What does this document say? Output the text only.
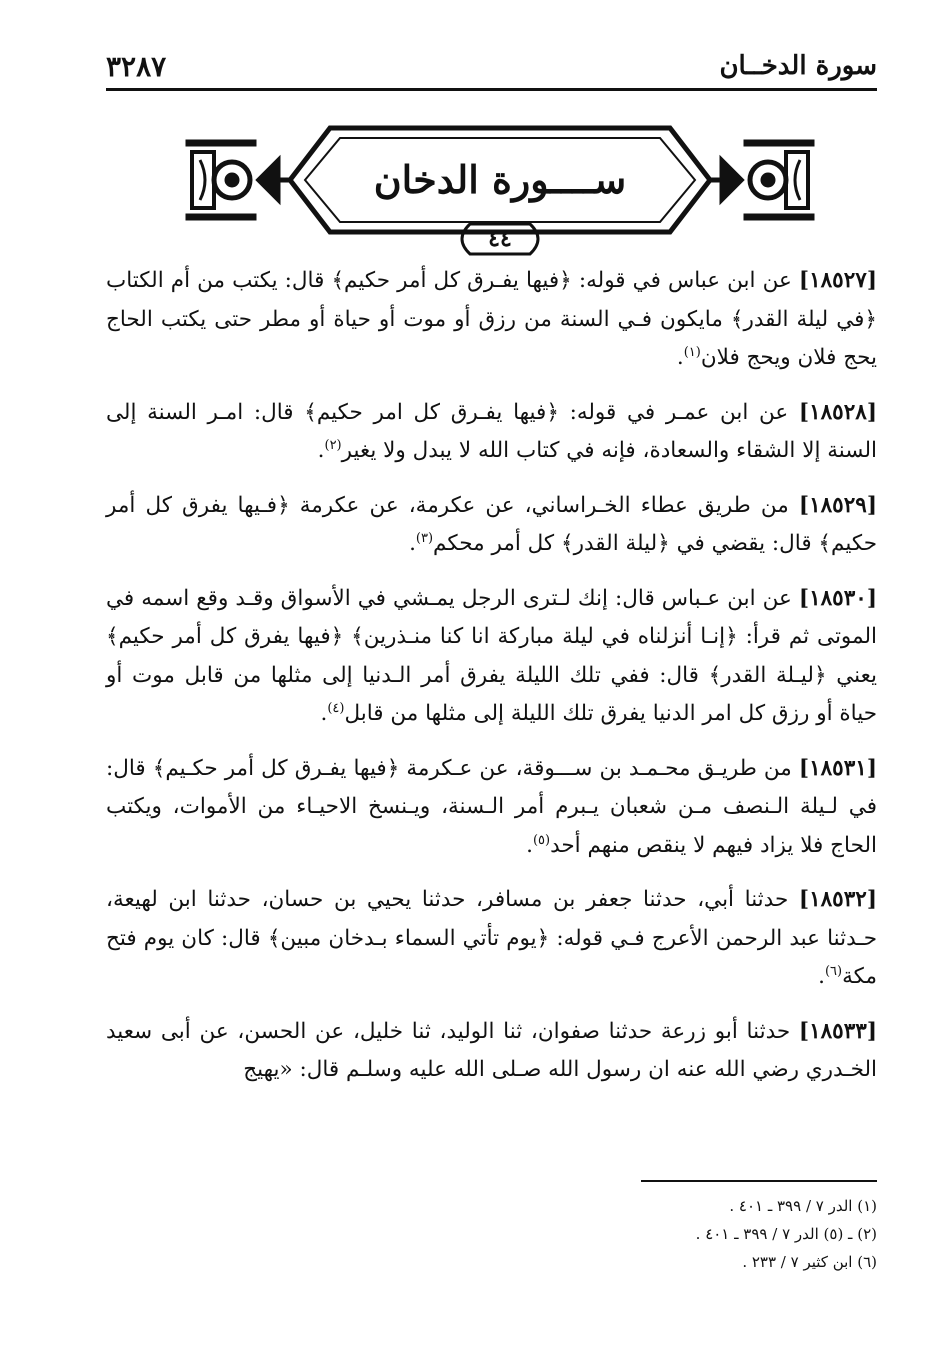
سورة الدخــان
٣٢٨٧
ســــورة الدخان
٤٤

[١٨٥٢٧] عن ابن عباس في قوله: ﴿فيها يفـرق كل أمر حكيم﴾ قال: يكتب من أم الكتاب ﴿في ليلة القدر﴾ مايكون فـي السنة من رزق أو موت أو حياة أو مطر حتى يكتب الحاج يحج فلان ويحج فلان$^{(١)}$.

[١٨٥٢٨] عن ابن عمـر في قوله: ﴿فيها يفـرق كل امر حكيم﴾ قال: امـر السنة إلى السنة إلا الشقاء والسعادة، فإنه في كتاب الله لا يبدل ولا يغير$^{(٢)}$.

[١٨٥٢٩] من طريق عطاء الخـراساني، عن عكرمة، عن عكرمة ﴿فـيها يفرق كل أمر حكيم﴾ قال: يقضي في ﴿ليلة القدر﴾ كل أمر محكم$^{(٣)}$.

[١٨٥٣٠] عن ابن عـباس قال: إنك لـترى الرجل يمـشي في الأسواق وقـد وقع اسمه في الموتى ثم قرأ: ﴿إنـا أنزلناه في ليلة مباركة انا كنا منـذرين﴾ ﴿فيها يفرق كل أمر حكيم﴾ يعني ﴿ليـلة القدر﴾ قال: ففي تلك الليلة يفرق أمر الـدنيا إلى مثلها من قابل موت أو حياة أو رزق كل امر الدنيا يفرق تلك الليلة إلى مثلها من قابل$^{(٤)}$.

[١٨٥٣١] من طريـق محـمـد بن ســـوقة، عن عـكرمة ﴿فيها يفـرق كل أمر حكـيم﴾ قال: في لـيلة الـنصف مـن شعبان يـبرم أمر الـسنة، ويـنسخ الاحيـاء من الأموات، ويكتب الحاج فلا يزاد فيهم لا ينقص منهم أحد$^{(٥)}$.

[١٨٥٣٢] حدثنا أبي، حدثنا جعفر بن مسافر، حدثنا يحيي بن حسان، حدثنا ابن لهيعة، حـدثنا عبد الرحمن الأعرج فـي قوله: ﴿يوم تأتي السماء بـدخان مبين﴾ قال: كان يوم فتح مكة$^{(٦)}$.

[١٨٥٣٣] حدثنا أبو زرعة حدثنا صفوان، ثنا الوليد، ثنا خليل، عن الحسن، عن أبى سعيد الخـدري رضي الله عنه ان رسول الله صـلى الله عليه وسلـم قال: «يهيج

(١) الدر ٧ / ٣٩٩ ـ ٤٠١ .

(٢) ـ (٥) الدر ٧ / ٣٩٩ ـ ٤٠١ .

(٦) ابن كثير ٧ / ٢٣٣ .
